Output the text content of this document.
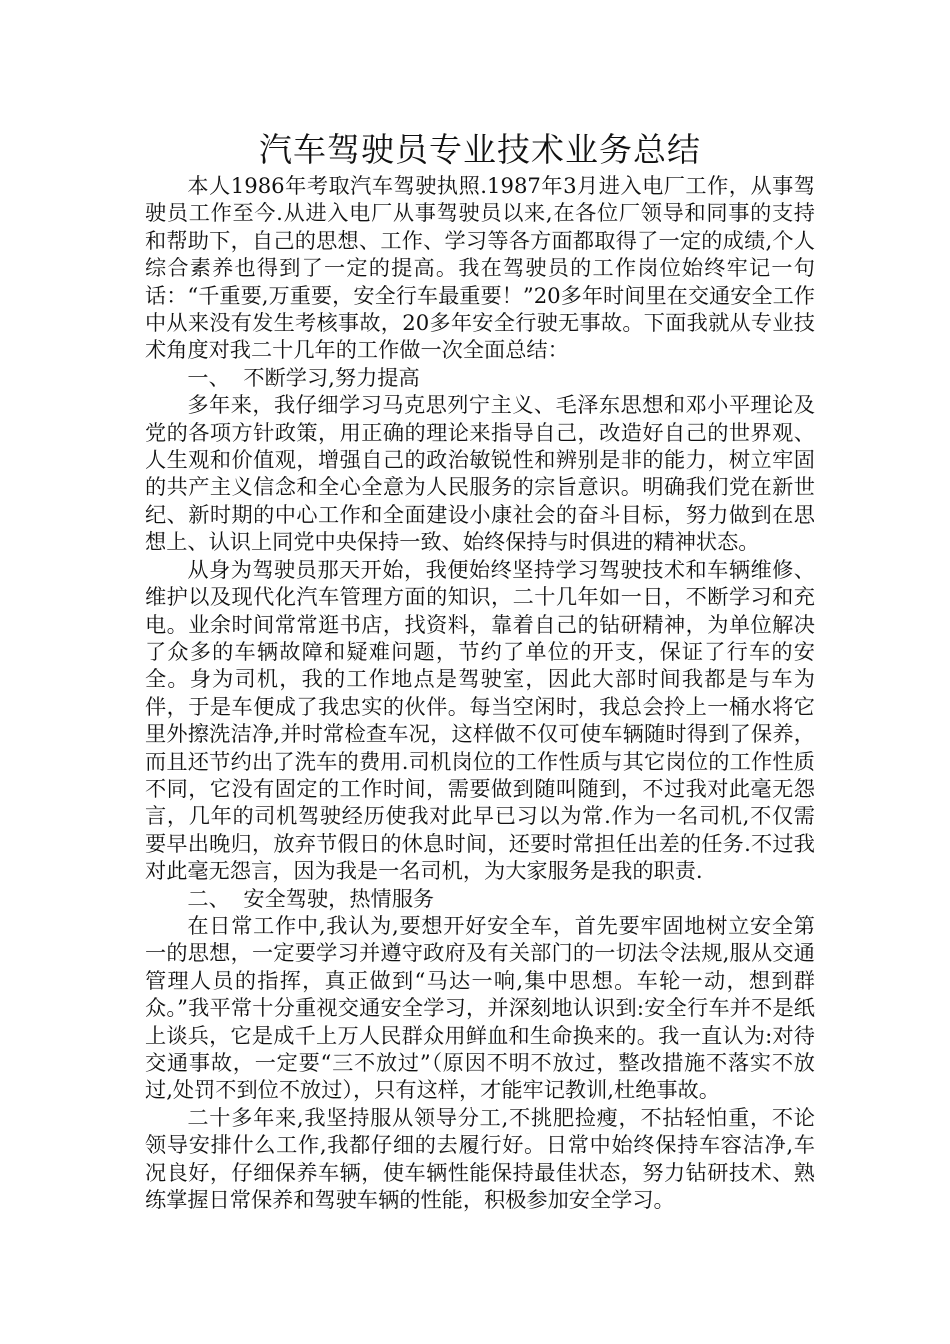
汽车驾驶员专业技术业务总结

本人1986年考取汽车驾驶执照.1987年3月进入电厂工作，从事驾驶员工作至今.从进入电厂从事驾驶员以来,在各位厂领导和同事的支持和帮助下，自己的思想、工作、学习等各方面都取得了一定的成绩,个人综合素养也得到了一定的提高。我在驾驶员的工作岗位始终牢记一句话：“千重要,万重要，安全行车最重要！”20多年时间里在交通安全工作中从来没有发生考核事故，20多年安全行驶无事故。下面我就从专业技术角度对我二十几年的工作做一次全面总结：

一、 不断学习,努力提高

多年来，我仔细学习马克思列宁主义、毛泽东思想和邓小平理论及党的各项方针政策，用正确的理论来指导自己，改造好自己的世界观、人生观和价值观，增强自己的政治敏锐性和辨别是非的能力，树立牢固的共产主义信念和全心全意为人民服务的宗旨意识。明确我们党在新世纪、新时期的中心工作和全面建设小康社会的奋斗目标，努力做到在思想上、认识上同党中央保持一致、始终保持与时俱进的精神状态。

从身为驾驶员那天开始，我便始终坚持学习驾驶技术和车辆维修、维护以及现代化汽车管理方面的知识，二十几年如一日，不断学习和充电。业余时间常常逛书店，找资料，靠着自己的钻研精神，为单位解决了众多的车辆故障和疑难问题，节约了单位的开支，保证了行车的安全。身为司机，我的工作地点是驾驶室，因此大部时间我都是与车为伴，于是车便成了我忠实的伙伴。每当空闲时，我总会拎上一桶水将它里外擦洗洁净,并时常检查车况，这样做不仅可使车辆随时得到了保养，而且还节约出了洗车的费用.司机岗位的工作性质与其它岗位的工作性质不同，它没有固定的工作时间，需要做到随叫随到，不过我对此毫无怨言，几年的司机驾驶经历使我对此早已习以为常.作为一名司机,不仅需要早出晚归，放弃节假日的休息时间，还要时常担任出差的任务.不过我对此毫无怨言，因为我是一名司机，为大家服务是我的职责.

二、 安全驾驶，热情服务

在日常工作中,我认为,要想开好安全车，首先要牢固地树立安全第一的思想，一定要学习并遵守政府及有关部门的一切法令法规,服从交通管理人员的指挥，真正做到“马达一响,集中思想。车轮一动，想到群众。”我平常十分重视交通安全学习，并深刻地认识到:安全行车并不是纸上谈兵，它是成千上万人民群众用鲜血和生命换来的。我一直认为:对待交通事故，一定要“三不放过”（原因不明不放过，整改措施不落实不放过,处罚不到位不放过），只有这样，才能牢记教训,杜绝事故。

二十多年来,我坚持服从领导分工,不挑肥捡瘦，不拈轻怕重，不论领导安排什么工作,我都仔细的去履行好。日常中始终保持车容洁净,车况良好，仔细保养车辆，使车辆性能保持最佳状态，努力钻研技术、熟练掌握日常保养和驾驶车辆的性能，积极参加安全学习。
